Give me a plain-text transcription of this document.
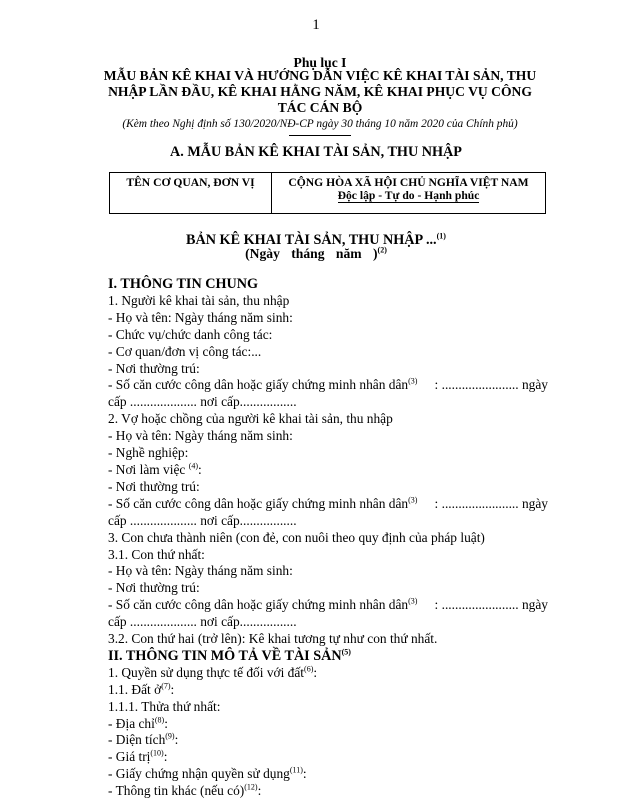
1
Phụ lục I
MẪU BẢN KÊ KHAI VÀ HƯỚNG DẪN VIỆC KÊ KHAI TÀI SẢN, THU NHẬP LẦN ĐẦU, KÊ KHAI HẰNG NĂM, KÊ KHAI PHỤC VỤ CÔNG TÁC CÁN BỘ
(Kèm theo Nghị định số 130/2020/NĐ-CP ngày 30 tháng 10 năm 2020 của Chính phủ)
A. MẪU BẢN KÊ KHAI TÀI SẢN, THU NHẬP
TÊN CƠ QUAN, ĐƠN VỊ	CỘNG HÒA XÃ HỘI CHỦ NGHĨA VIỆT NAM
Độc lập - Tự do - Hạnh phúc
BẢN KÊ KHAI TÀI SẢN, THU NHẬP ...$^{(1)}$
(Ngày tháng năm )$^{(2)}$
I. THÔNG TIN CHUNG
1. Người kê khai tài sản, thu nhập
- Họ và tên: Ngày tháng năm sinh:
- Chức vụ/chức danh công tác:
- Cơ quan/đơn vị công tác:...
- Nơi thường trú:
- Số căn cước công dân hoặc giấy chứng minh nhân dân$^{(3)}$ : ....................... ngày
cấp .................... nơi cấp.................
2. Vợ hoặc chồng của người kê khai tài sản, thu nhập
- Họ và tên: Ngày tháng năm sinh:
- Nghề nghiệp:
- Nơi làm việc $^{(4)}$:
- Nơi thường trú:
- Số căn cước công dân hoặc giấy chứng minh nhân dân$^{(3)}$ : ....................... ngày
cấp .................... nơi cấp.................
3. Con chưa thành niên (con đẻ, con nuôi theo quy định của pháp luật)
3.1. Con thứ nhất:
- Họ và tên: Ngày tháng năm sinh:
- Nơi thường trú:
- Số căn cước công dân hoặc giấy chứng minh nhân dân$^{(3)}$ : ....................... ngày
cấp .................... nơi cấp.................
3.2. Con thứ hai (trở lên): Kê khai tương tự như con thứ nhất.
II. THÔNG TIN MÔ TẢ VỀ TÀI SẢN$^{(5)}$
1. Quyền sử dụng thực tế đối với đất$^{(6)}$:
1.1. Đất ở$^{(7)}$:
1.1.1. Thửa thứ nhất:
- Địa chỉ$^{(8)}$:
- Diện tích$^{(9)}$:
- Giá trị$^{(10)}$:
- Giấy chứng nhận quyền sử dụng$^{(11)}$:
- Thông tin khác (nếu có)$^{(12)}$:
